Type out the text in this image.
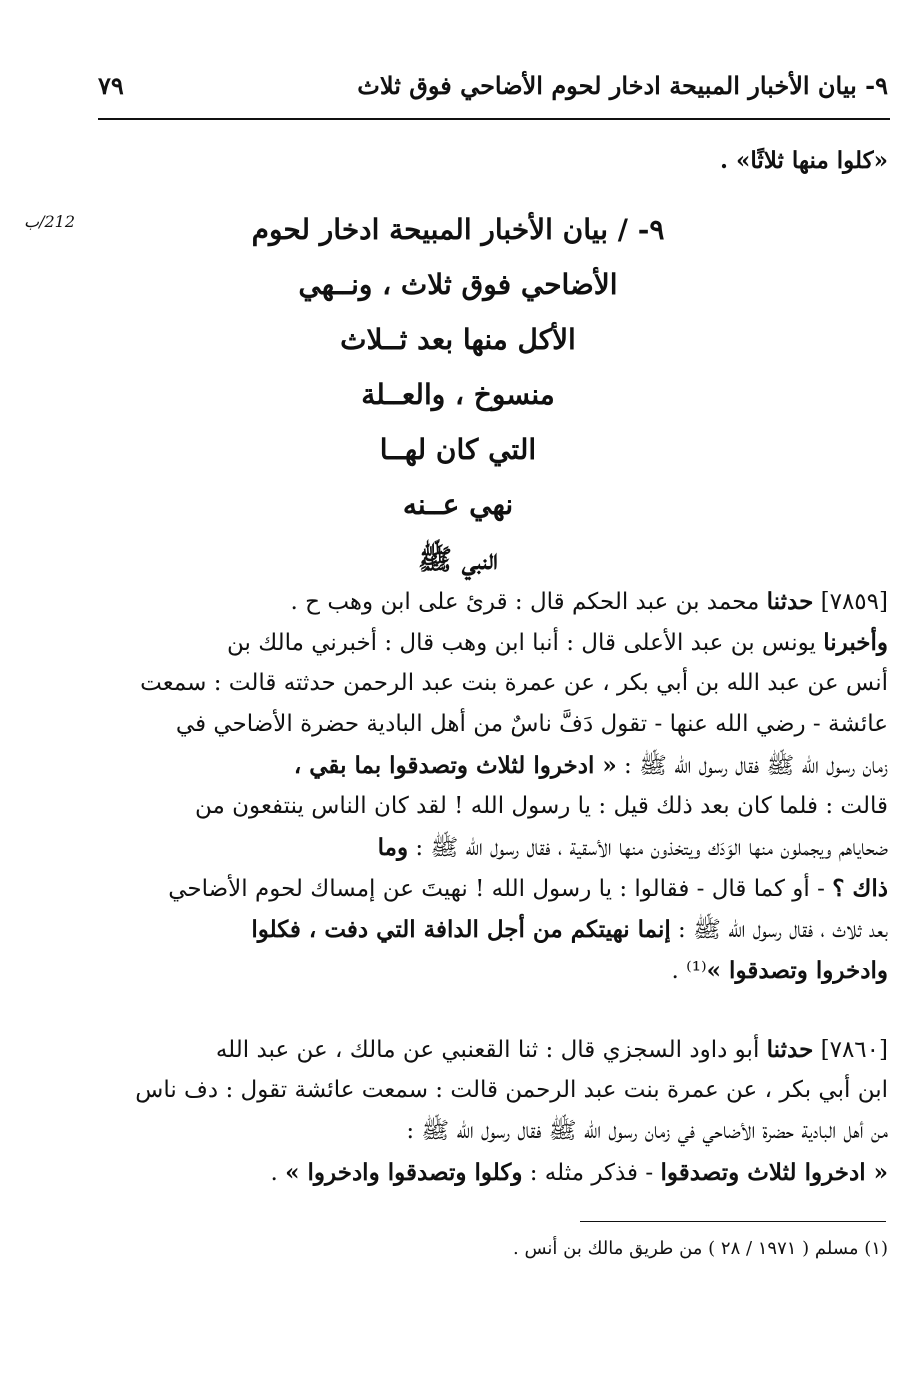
٩- بيان الأخبار المبيحة ادخار لحوم الأضاحي فوق ثلاث
٧٩
212/ب
«كلوا منها ثلاثًا» .
٩- / بيان الأخبار المبيحة ادخار لحوم
الأضاحي فوق ثلاث ، ونــهي
الأكل منها بعد ثــلاث
منسوخ ، والعــلة
التي كان لهــا
نهي عــنه
النبي ﷺ
[٧٨٥٩] حدثنا محمد بن عبد الحكم قال : قرئ على ابن وهب ح .
وأخبرنا يونس بن عبد الأعلى قال : أنبا ابن وهب قال : أخبرني مالك بن
أنس عن عبد الله بن أبي بكر ، عن عمرة بنت عبد الرحمن حدثته قالت : سمعت
عائشة - رضي الله عنها - تقول دَفَّ ناسٌ من أهل البادية حضرة الأضاحي في
زمان رسول الله ﷺ فقال رسول الله ﷺ : « ادخروا لثلاث وتصدقوا بما بقي ،
قالت : فلما كان بعد ذلك قيل : يا رسول الله ! لقد كان الناس ينتفعون من
ضحاياهم ويجملون منها الوَدَك ويتخذون منها الأسقية ، فقال رسول الله ﷺ : وما
ذاك ؟ - أو كما قال - فقالوا : يا رسول الله ! نهيتَ عن إمساك لحوم الأضاحي
بعد ثلاث ، فقال رسول الله ﷺ : إنما نهيتكم من أجل الدافة التي دفت ، فكلوا
وادخروا وتصدقوا »⁽¹⁾ .
[٧٨٦٠] حدثنا أبو داود السجزي قال : ثنا القعنبي عن مالك ، عن عبد الله
ابن أبي بكر ، عن عمرة بنت عبد الرحمن قالت : سمعت عائشة تقول : دف ناس
من أهل البادية حضرة الأضاحي في زمان رسول الله ﷺ فقال رسول الله ﷺ :
« ادخروا لثلاث وتصدقوا - فذكر مثله : وكلوا وتصدقوا وادخروا » .
(١) مسلم ( ١٩٧١ / ٢٨ ) من طريق مالك بن أنس .
